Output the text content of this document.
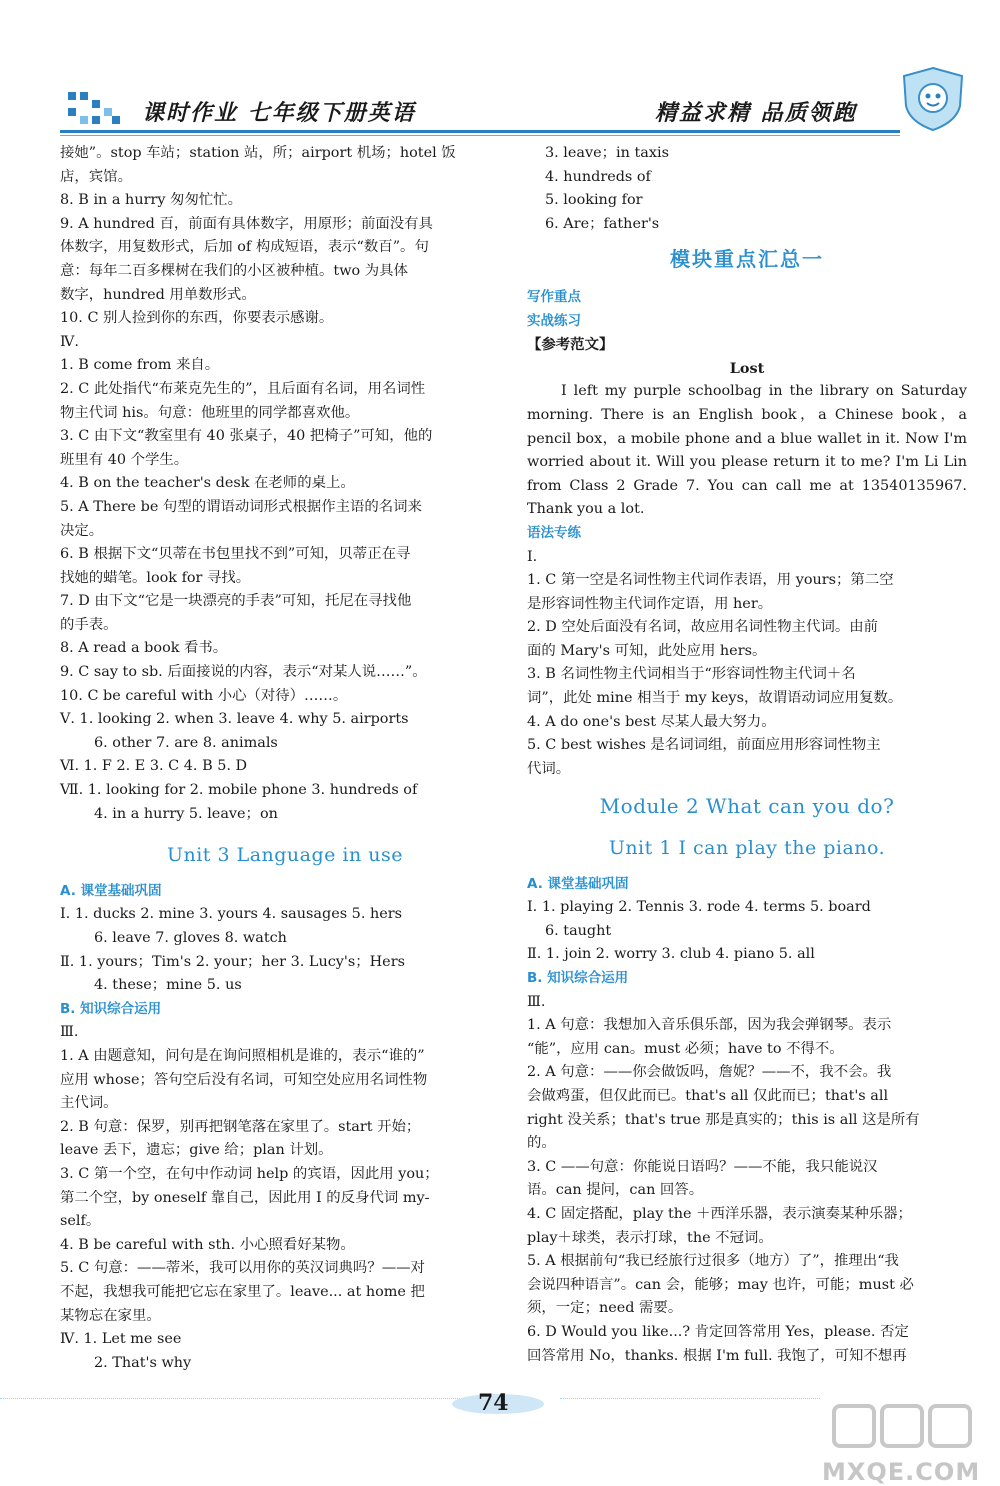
课时作业 七年级下册英语	精益求精 品质领跑

接她”。stop 车站；station 站，所；airport 机场；hotel 饭

店，宾馆。

8. B in a hurry 匆匆忙忙。

9. A hundred 百，前面有具体数字，用原形；前面没有具

体数字，用复数形式，后加 of 构成短语，表示“数百”。句

意：每年二百多棵树在我们的小区被种植。two 为具体

数字，hundred 用单数形式。

10. C 别人捡到你的东西，你要表示感谢。

Ⅳ.

1. B come from 来自。

2. C 此处指代“布莱克先生的”，且后面有名词，用名词性

物主代词 his。句意：他班里的同学都喜欢他。

3. C 由下文“教室里有 40 张桌子，40 把椅子”可知，他的

班里有 40 个学生。

4. B on the teacher's desk 在老师的桌上。

5. A There be 句型的谓语动词形式根据作主语的名词来

决定。

6. B 根据下文“贝蒂在书包里找不到”可知，贝蒂正在寻

找她的蜡笔。look for 寻找。

7. D 由下文“它是一块漂亮的手表”可知，托尼在寻找他

的手表。

8. A read a book 看书。

9. C say to sb. 后面接说的内容，表示“对某人说……”。

10. C be careful with 小心（对待）……。

Ⅴ. 1. looking 2. when 3. leave 4. why 5. airports

6. other 7. are 8. animals

Ⅵ. 1. F 2. E 3. C 4. B 5. D

Ⅶ. 1. looking for 2. mobile phone 3. hundreds of

4. in a hurry 5. leave；on

Unit 3 Language in use

A. 课堂基础巩固

Ⅰ. 1. ducks 2. mine 3. yours 4. sausages 5. hers

6. leave 7. gloves 8. watch

Ⅱ. 1. yours；Tim's 2. your；her 3. Lucy's；Hers

4. these；mine 5. us

B. 知识综合运用

Ⅲ.

1. A 由题意知，问句是在询问照相机是谁的，表示“谁的”

应用 whose；答句空后没有名词，可知空处应用名词性物

主代词。

2. B 句意：保罗，别再把钢笔落在家里了。start 开始；

leave 丢下，遗忘；give 给；plan 计划。

3. C 第一个空，在句中作动词 help 的宾语，因此用 you；

第二个空，by oneself 靠自己，因此用 I 的反身代词 my-

self。

4. B be careful with sth. 小心照看好某物。

5. C 句意：——蒂米，我可以用你的英汉词典吗？——对

不起，我想我可能把它忘在家里了。leave... at home 把

某物忘在家里。

Ⅳ. 1. Let me see

2. That's why

3. leave；in taxis

4. hundreds of

5. looking for

6. Are；father's

模块重点汇总一

写作重点

实战练习

【参考范文】

Lost

I left my purple schoolbag in the library on Saturday morning. There is an English book，a Chinese book，a pencil box，a mobile phone and a blue wallet in it. Now I'm worried about it. Will you please return it to me? I'm Li Lin from Class 2 Grade 7. You can call me at 13540135967. Thank you a lot.

语法专练

Ⅰ.

1. C 第一空是名词性物主代词作表语，用 yours；第二空

是形容词性物主代词作定语，用 her。

2. D 空处后面没有名词，故应用名词性物主代词。由前

面的 Mary's 可知，此处应用 hers。

3. B 名词性物主代词相当于“形容词性物主代词＋名

词”，此处 mine 相当于 my keys，故谓语动词应用复数。

4. A do one's best 尽某人最大努力。

5. C best wishes 是名词词组，前面应用形容词性物主

代词。

Module 2 What can you do?
Unit 1 I can play the piano.

A. 课堂基础巩固

Ⅰ. 1. playing 2. Tennis 3. rode 4. terms 5. board

6. taught

Ⅱ. 1. join 2. worry 3. club 4. piano 5. all

B. 知识综合运用

Ⅲ.

1. A 句意：我想加入音乐俱乐部，因为我会弹钢琴。表示

“能”，应用 can。must 必须；have to 不得不。

2. A 句意：——你会做饭吗，詹妮？——不，我不会。我

会做鸡蛋，但仅此而已。that's all 仅此而已；that's all

right 没关系；that's true 那是真实的；this is all 这是所有

的。

3. C ——句意：你能说日语吗？——不能，我只能说汉

语。can 提问，can 回答。

4. C 固定搭配，play the ＋西洋乐器，表示演奏某种乐器；

play＋球类，表示打球，the 不冠词。

5. A 根据前句“我已经旅行过很多（地方）了”，推理出“我

会说四种语言”。can 会，能够；may 也许，可能；must 必

须，一定；need 需要。

6. D Would you like...? 肯定回答常用 Yes，please. 否定

回答常用 No，thanks. 根据 I'm full. 我饱了，可知不想再

74
MXQE.COM
